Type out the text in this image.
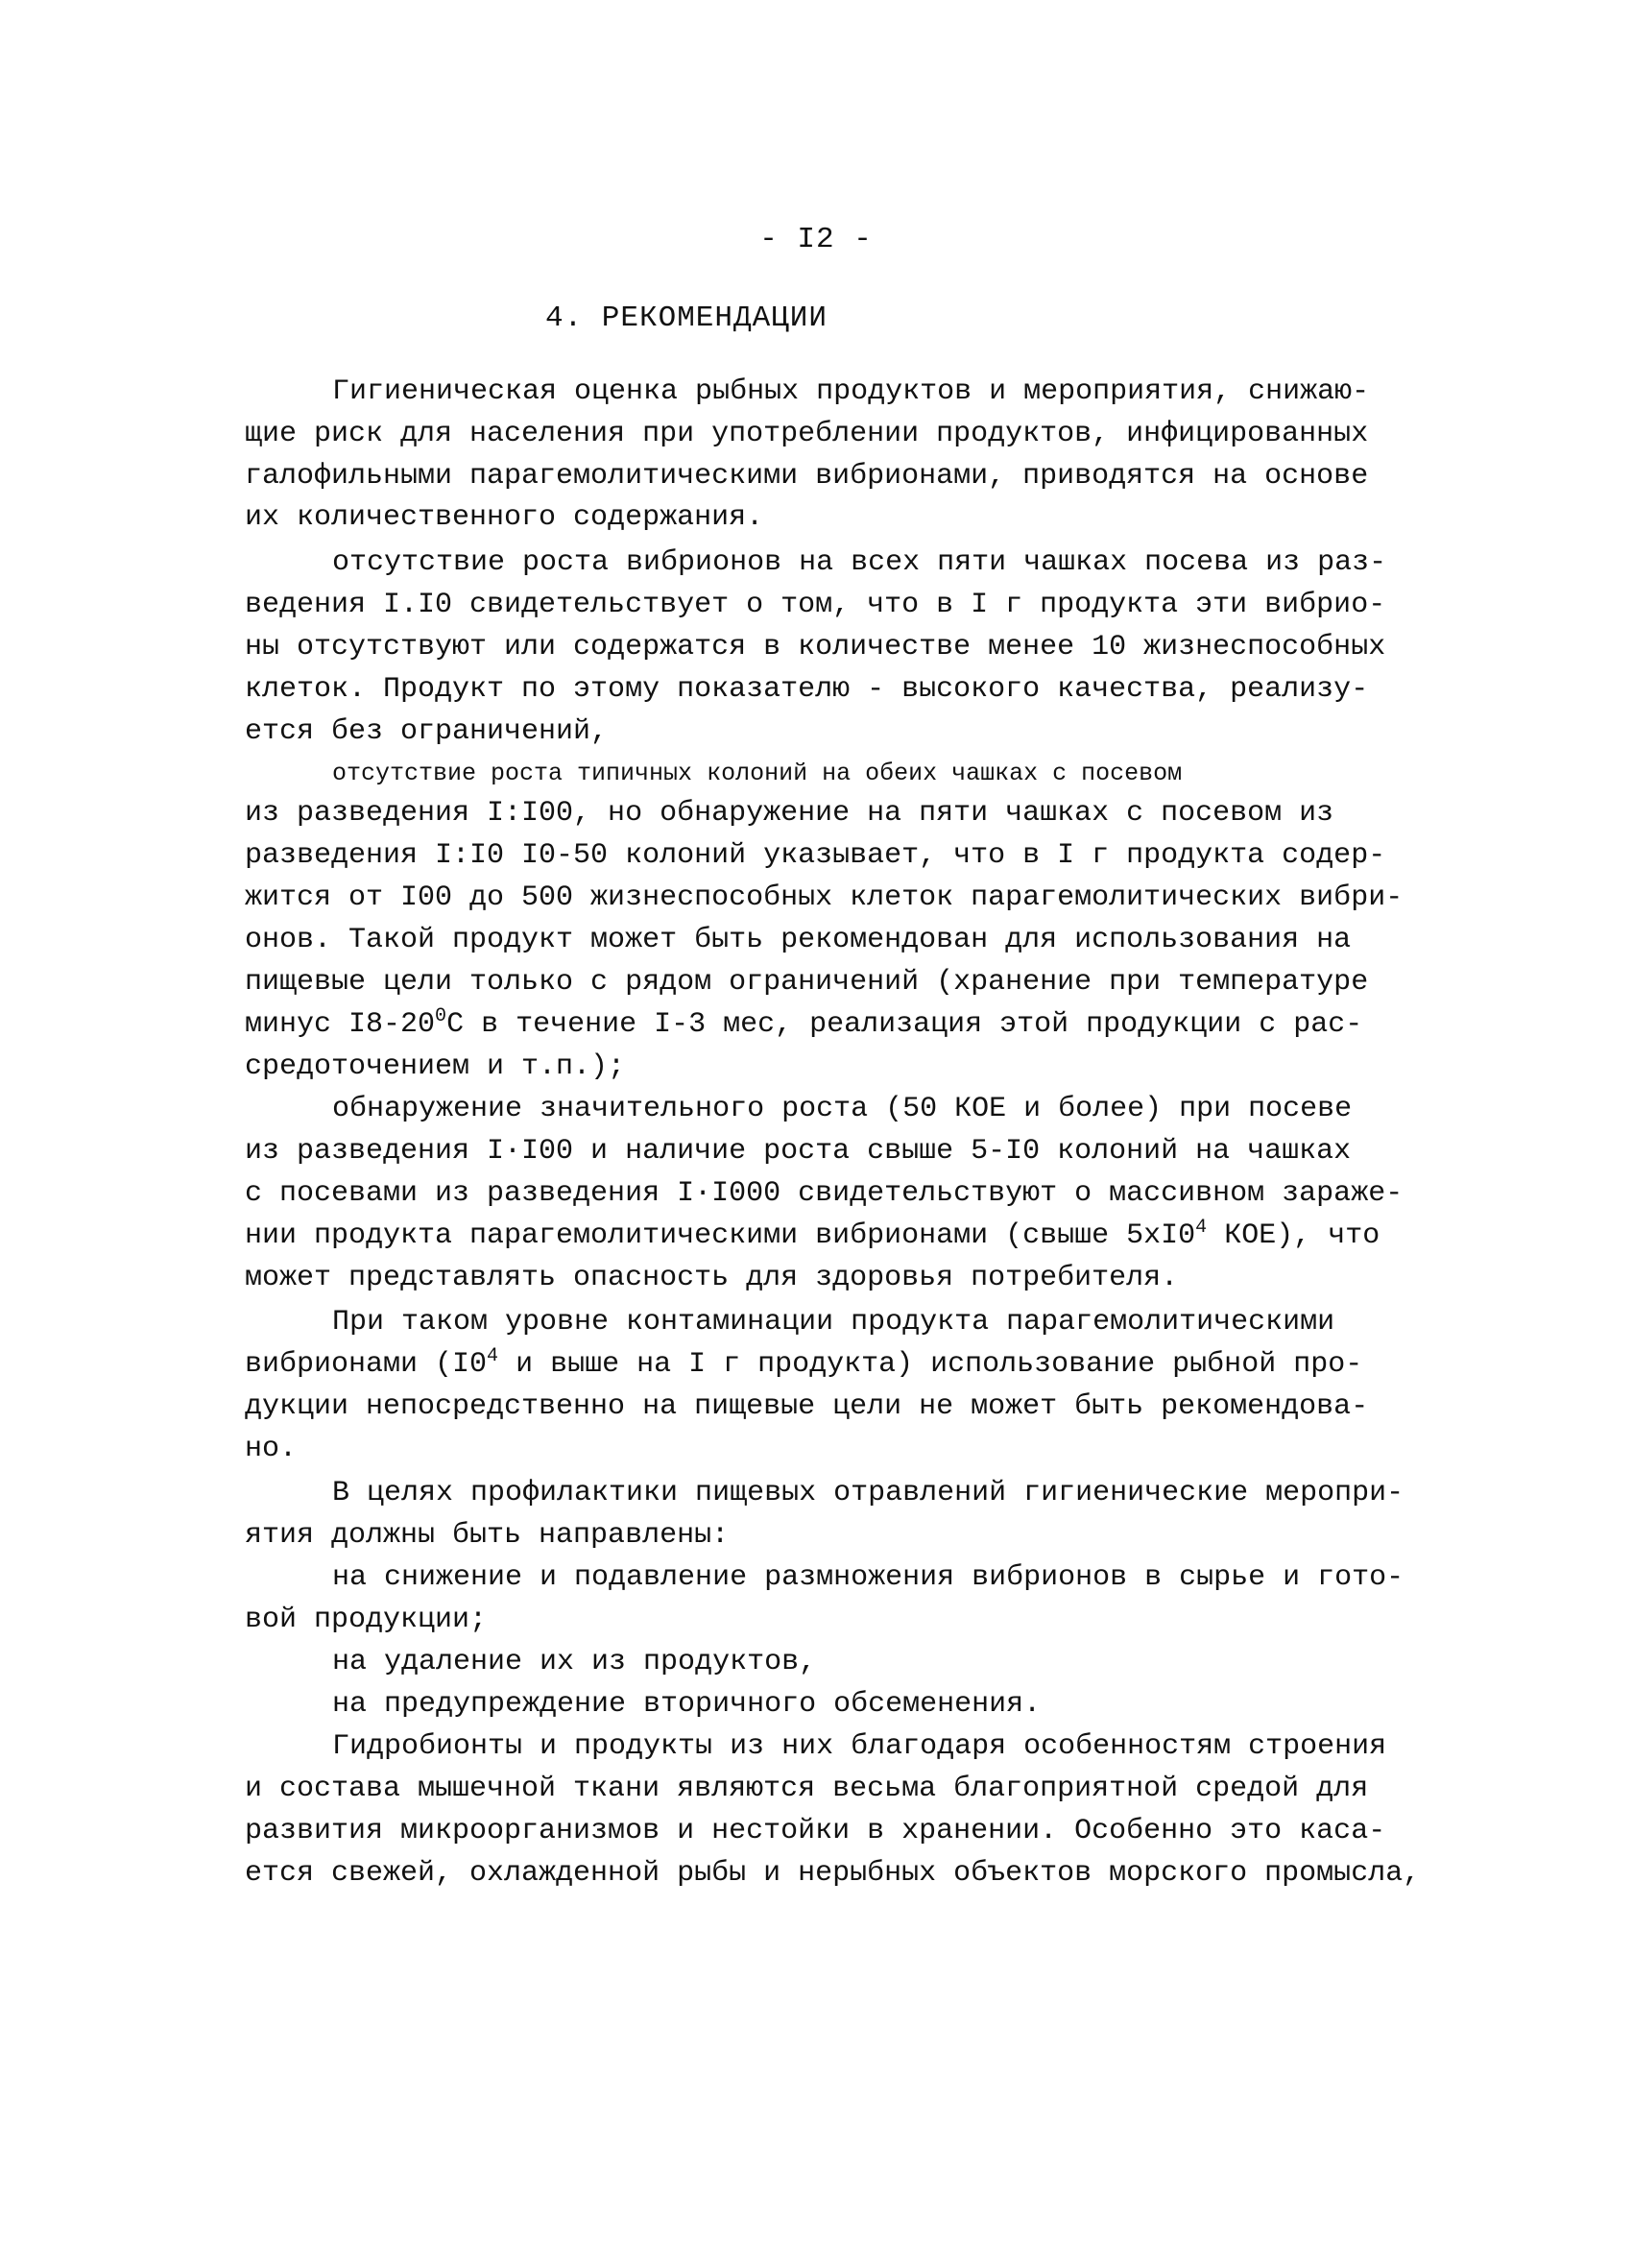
- I2 -
4. РЕКОМЕНДАЦИИ
Гигиеническая оценка рыбных продуктов и мероприятия, снижаю-
щие риск для населения при употреблении продуктов, инфицированных
галофильными парагемолитическими вибрионами, приводятся на основе
их количественного содержания.
отсутствие роста вибрионов на всех пяти чашках посева из раз-
ведения I.I0 свидетельствует о том, что в I г продукта эти вибрио-
ны отсутствуют или содержатся в количестве менее 10 жизнеспособных
клеток. Продукт по этому показателю - высокого качества, реализу-
ется без ограничений,
отсутствие роста типичных колоний на обеих чашках с посевом
из разведения I:I00, но обнаружение на пяти чашках с посевом из
разведения I:I0 I0-50 колоний указывает, что в I г продукта содер-
жится от I00 до 500 жизнеспособных клеток парагемолитических вибри-
онов. Такой продукт может быть рекомендован для использования на
пищевые цели только с рядом ограничений (хранение при температуре
минус $I8-20^0С$ в течение I-3 мес, реализация этой продукции с рас-
средоточением и т.п.);
обнаружение значительного роста (50 КОЕ и более) при посеве
из разведения I·I00 и наличие роста свыше 5-I0 колоний на чашках
с посевами из разведения I·I000 свидетельствуют о массивном зараже-
нии продукта парагемолитическими вибрионами (свыше $5хI0^4$ КОЕ), что
может представлять опасность для здоровья потребителя.
При таком уровне контаминации продукта парагемолитическими
вибрионами ($I0^4$ и выше на I г продукта) использование рыбной про-
дукции непосредственно на пищевые цели не может быть рекомендова-
но.
В целях профилактики пищевых отравлений гигиенические меропри-
ятия должны быть направлены:
на снижение и подавление размножения вибрионов в сырье и гото-
вой продукции;
на удаление их из продуктов,
на предупреждение вторичного обсеменения.
Гидробионты и продукты из них благодаря особенностям строения
и состава мышечной ткани являются весьма благоприятной средой для
развития микроорганизмов и нестойки в хранении. Особенно это каса-
ется свежей, охлажденной рыбы и нерыбных объектов морского промысла,
